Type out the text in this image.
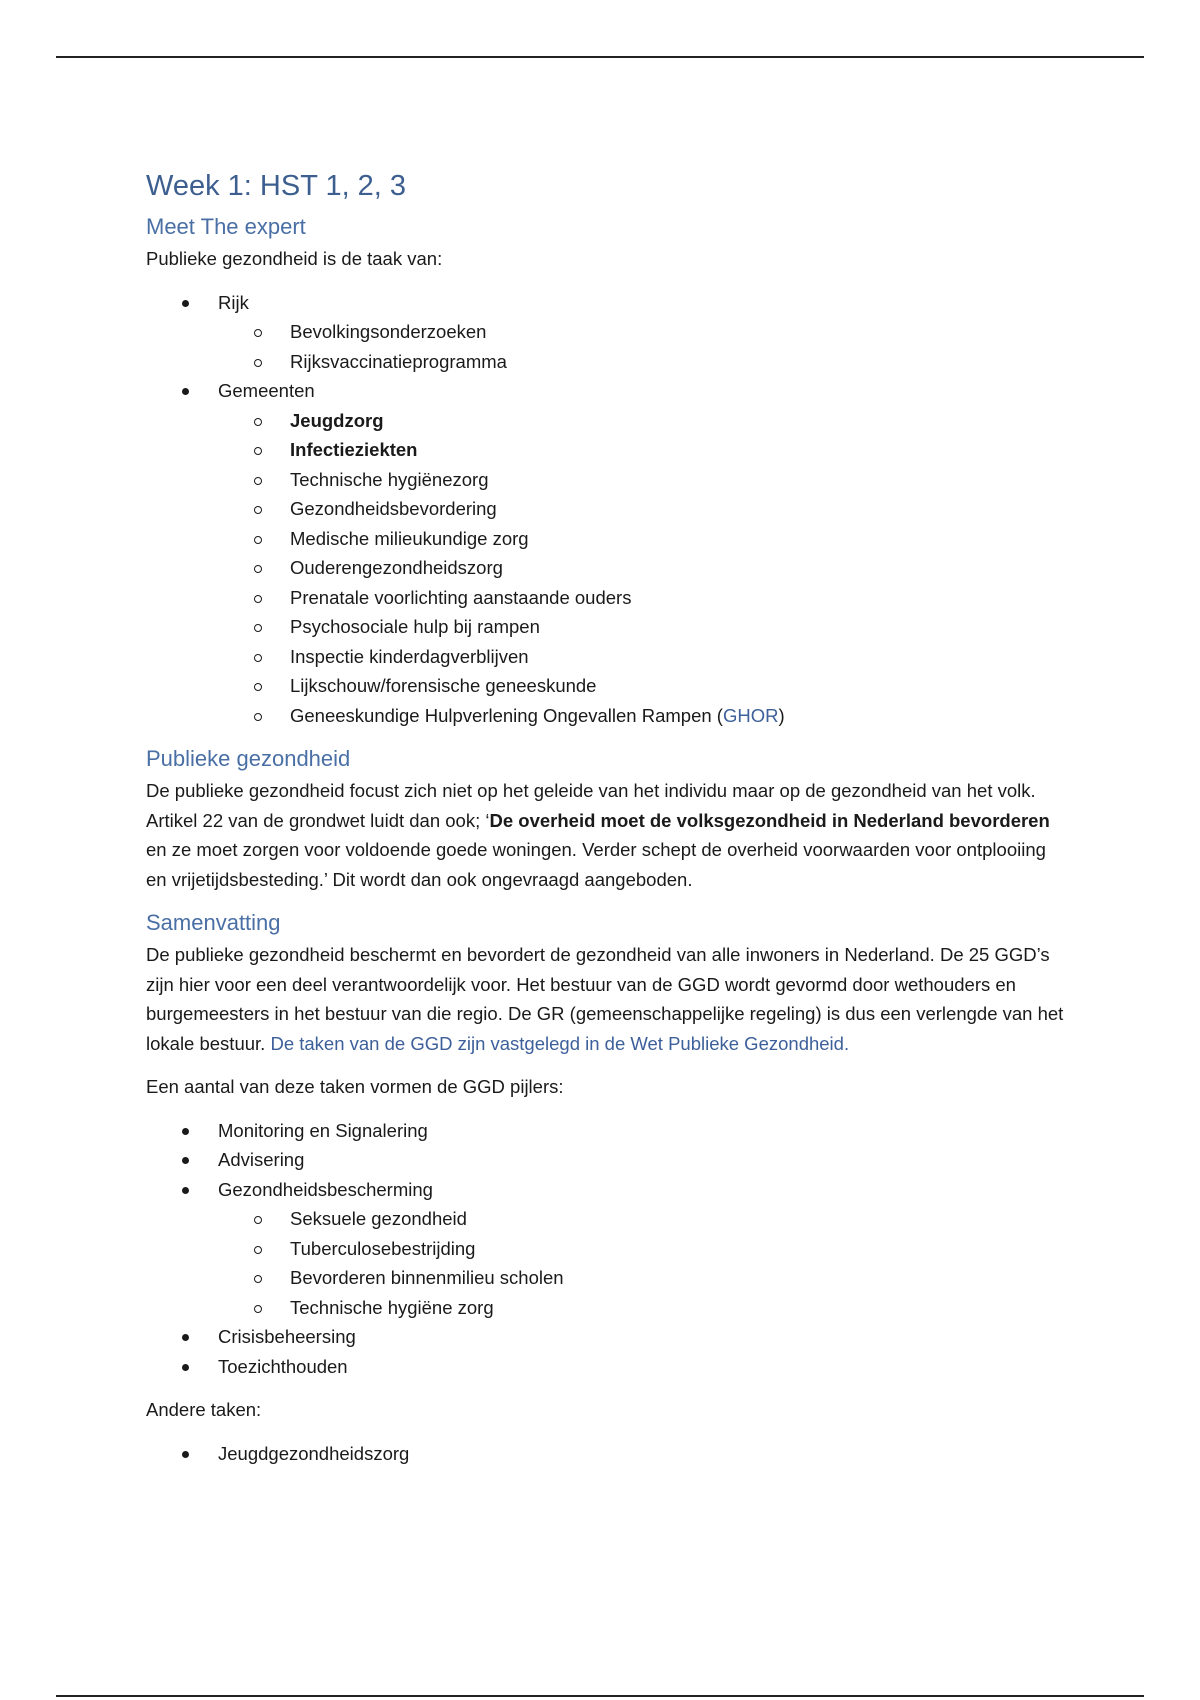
Week 1: HST 1, 2, 3
Meet The expert

Publieke gezondheid is de taak van:

Rijk
Bevolkingsonderzoeken
Rijksvaccinatieprogramma
Gemeenten
Jeugdzorg
Infectieziekten
Technische hygiënezorg
Gezondheidsbevordering
Medische milieukundige zorg
Ouderengezondheidszorg
Prenatale voorlichting aanstaande ouders
Psychosociale hulp bij rampen
Inspectie kinderdagverblijven
Lijkschouw/forensische geneeskunde
Geneeskundige Hulpverlening Ongevallen Rampen (GHOR)
Publieke gezondheid

De publieke gezondheid focust zich niet op het geleide van het individu maar op de gezondheid van het volk. Artikel 22 van de grondwet luidt dan ook; ‘De overheid moet de volksgezondheid in Nederland bevorderen en ze moet zorgen voor voldoende goede woningen. Verder schept de overheid voorwaarden voor ontplooiing en vrijetijdsbesteding.’ Dit wordt dan ook ongevraagd aangeboden.

Samenvatting

De publieke gezondheid beschermt en bevordert de gezondheid van alle inwoners in Nederland. De 25 GGD’s zijn hier voor een deel verantwoordelijk voor. Het bestuur van de GGD wordt gevormd door wethouders en burgemeesters in het bestuur van die regio. De GR (gemeenschappelijke regeling) is dus een verlengde van het lokale bestuur. De taken van de GGD zijn vastgelegd in de Wet Publieke Gezondheid.

Een aantal van deze taken vormen de GGD pijlers:

Monitoring en Signalering
Advisering
Gezondheidsbescherming
Seksuele gezondheid
Tuberculosebestrijding
Bevorderen binnenmilieu scholen
Technische hygiëne zorg
Crisisbeheersing
Toezichthouden

Andere taken:

Jeugdgezondheidszorg
